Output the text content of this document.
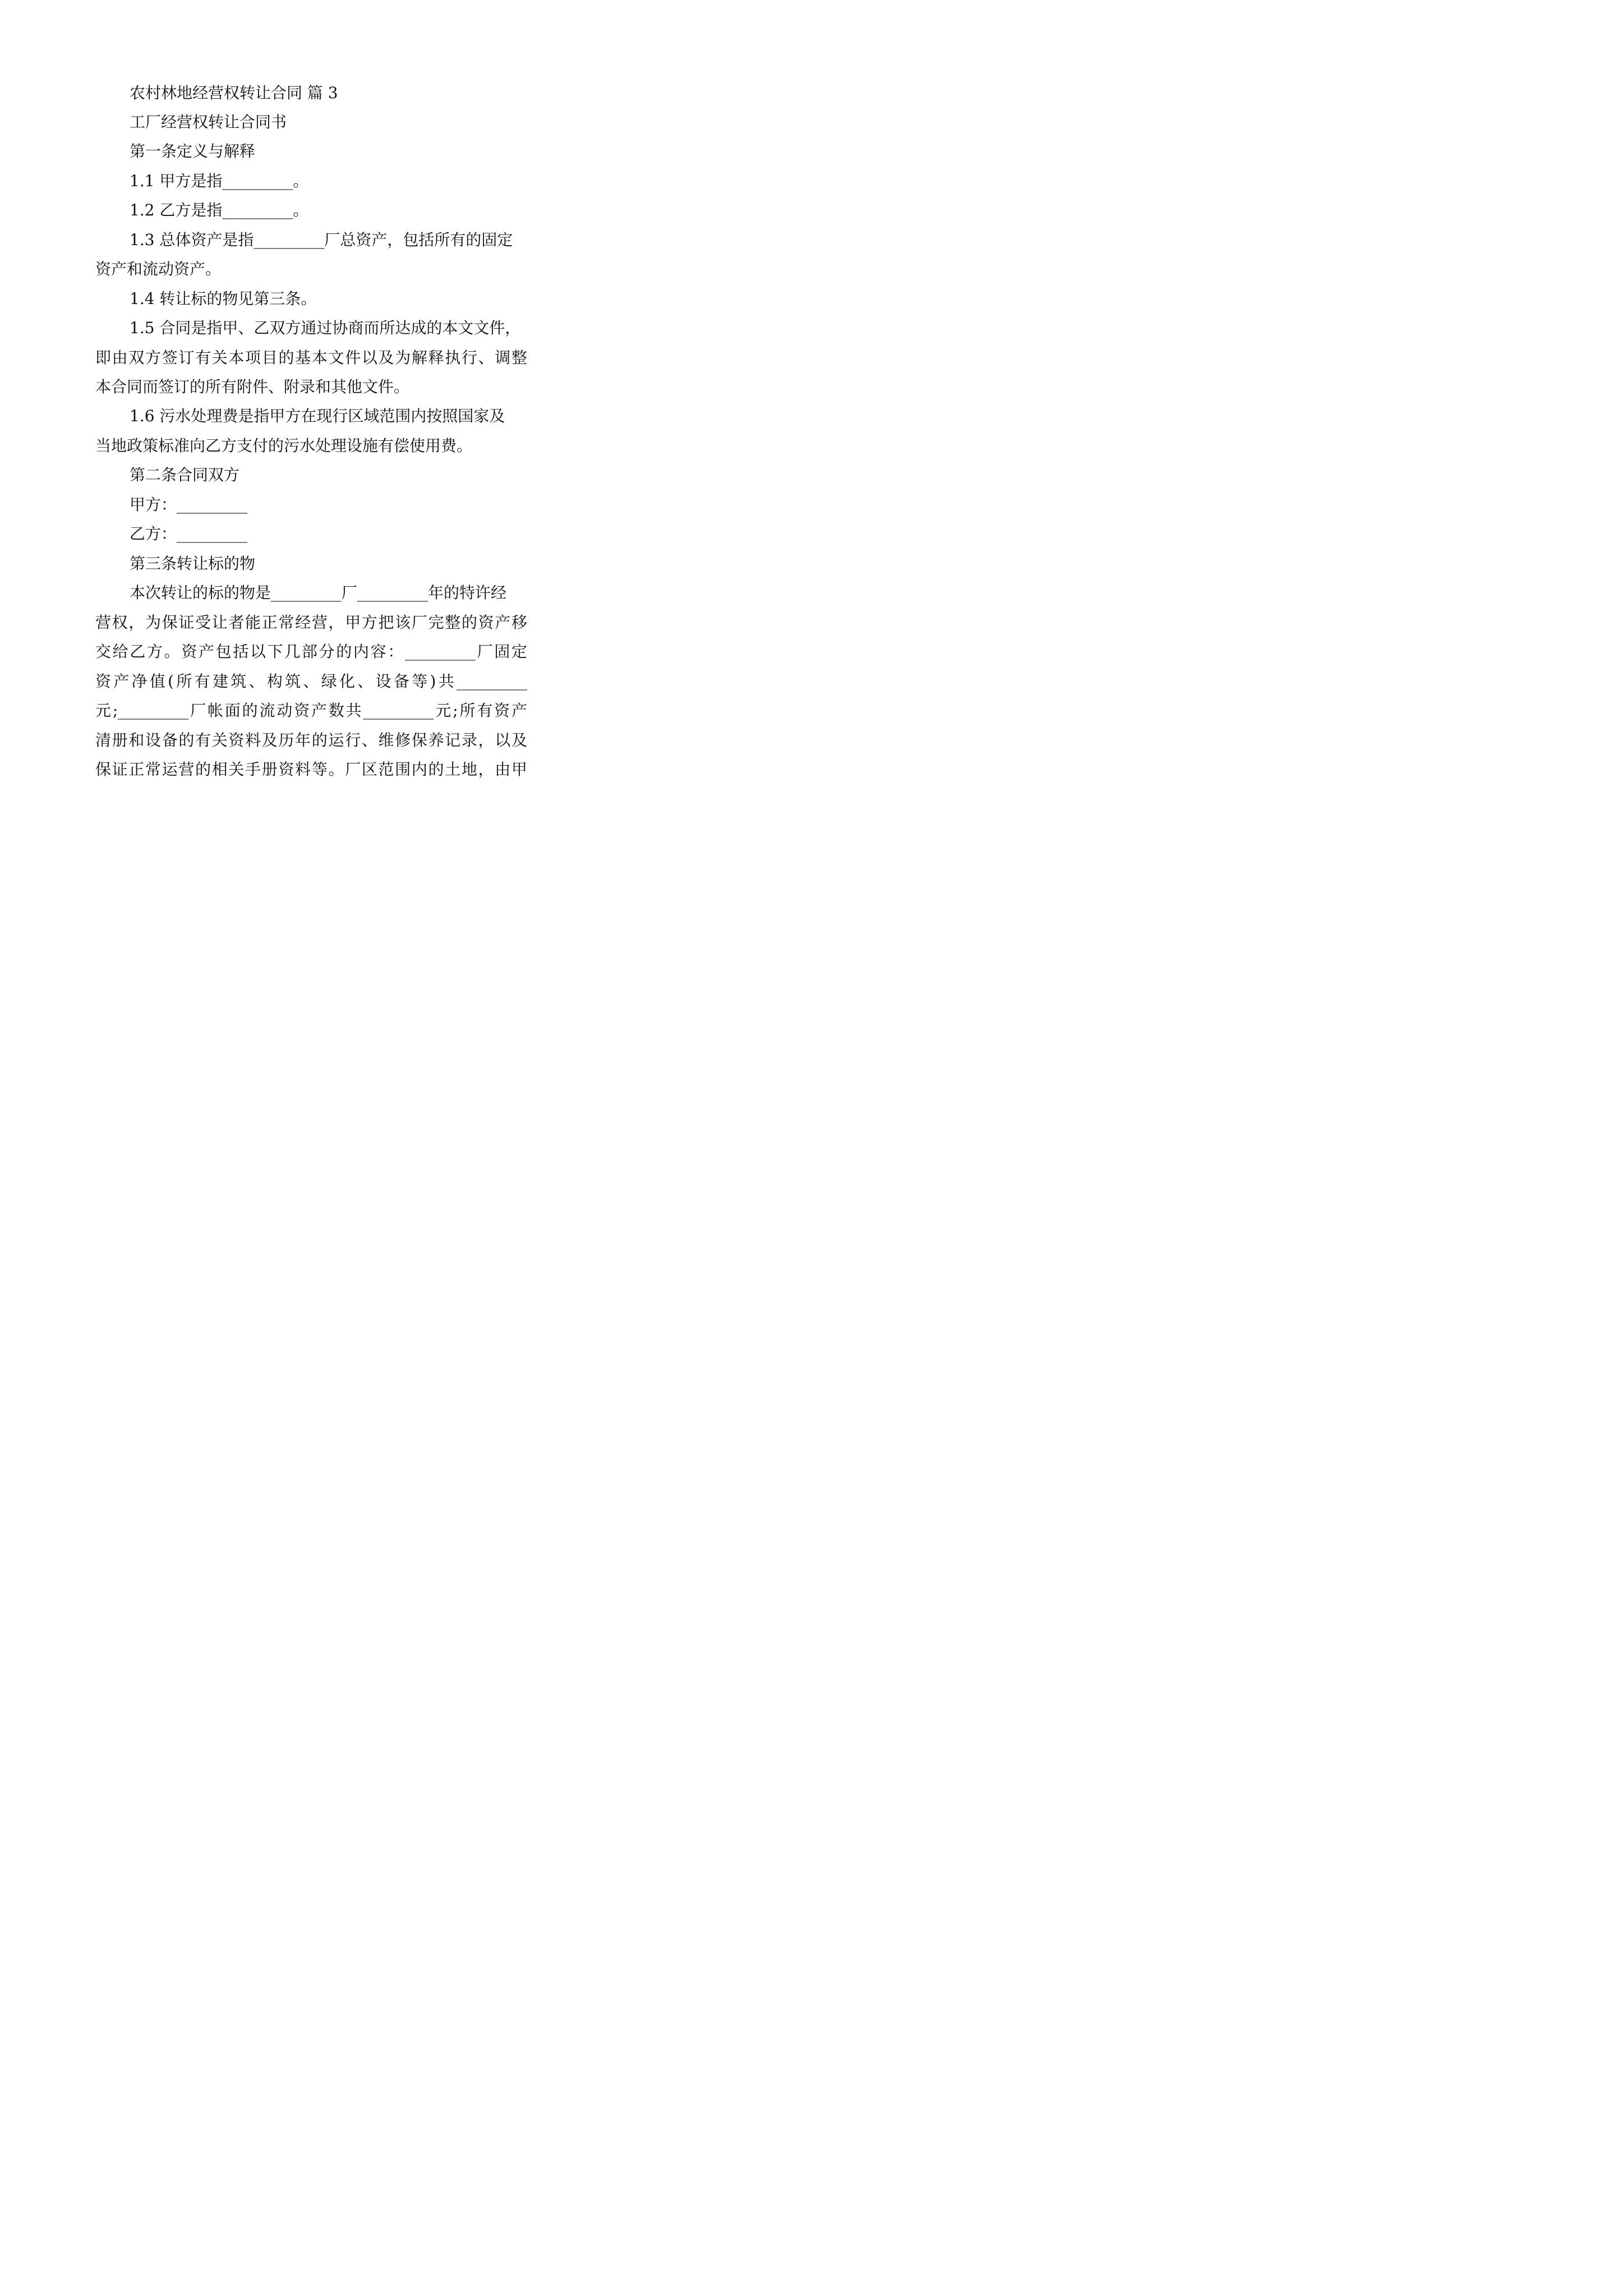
农村林地经营权转让合同 篇 3
工厂经营权转让合同书
第一条定义与解释
1.1 甲方是指_________。
1.2 乙方是指_________。
1.3 总体资产是指_________厂总资产，包括所有的固定
资产和流动资产。
1.4 转让标的物见第三条。
1.5 合同是指甲、乙双方通过协商而所达成的本文文件，
即由双方签订有关本项目的基本文件以及为解释执行、调整
本合同而签订的所有附件、附录和其他文件。
1.6 污水处理费是指甲方在现行区域范围内按照国家及
当地政策标准向乙方支付的污水处理设施有偿使用费。
第二条合同双方
甲方：_________
乙方：_________
第三条转让标的物
本次转让的标的物是_________厂_________年的特许经
营权，为保证受让者能正常经营，甲方把该厂完整的资产移
交给乙方。资产包括以下几部分的内容：_________厂固定
资产净值(所有建筑、构筑、绿化、设备等)共_________
元;_________厂帐面的流动资产数共_________元;所有资产
清册和设备的有关资料及历年的运行、维修保养记录，以及
保证正常运营的相关手册资料等。厂区范围内的土地，由甲
